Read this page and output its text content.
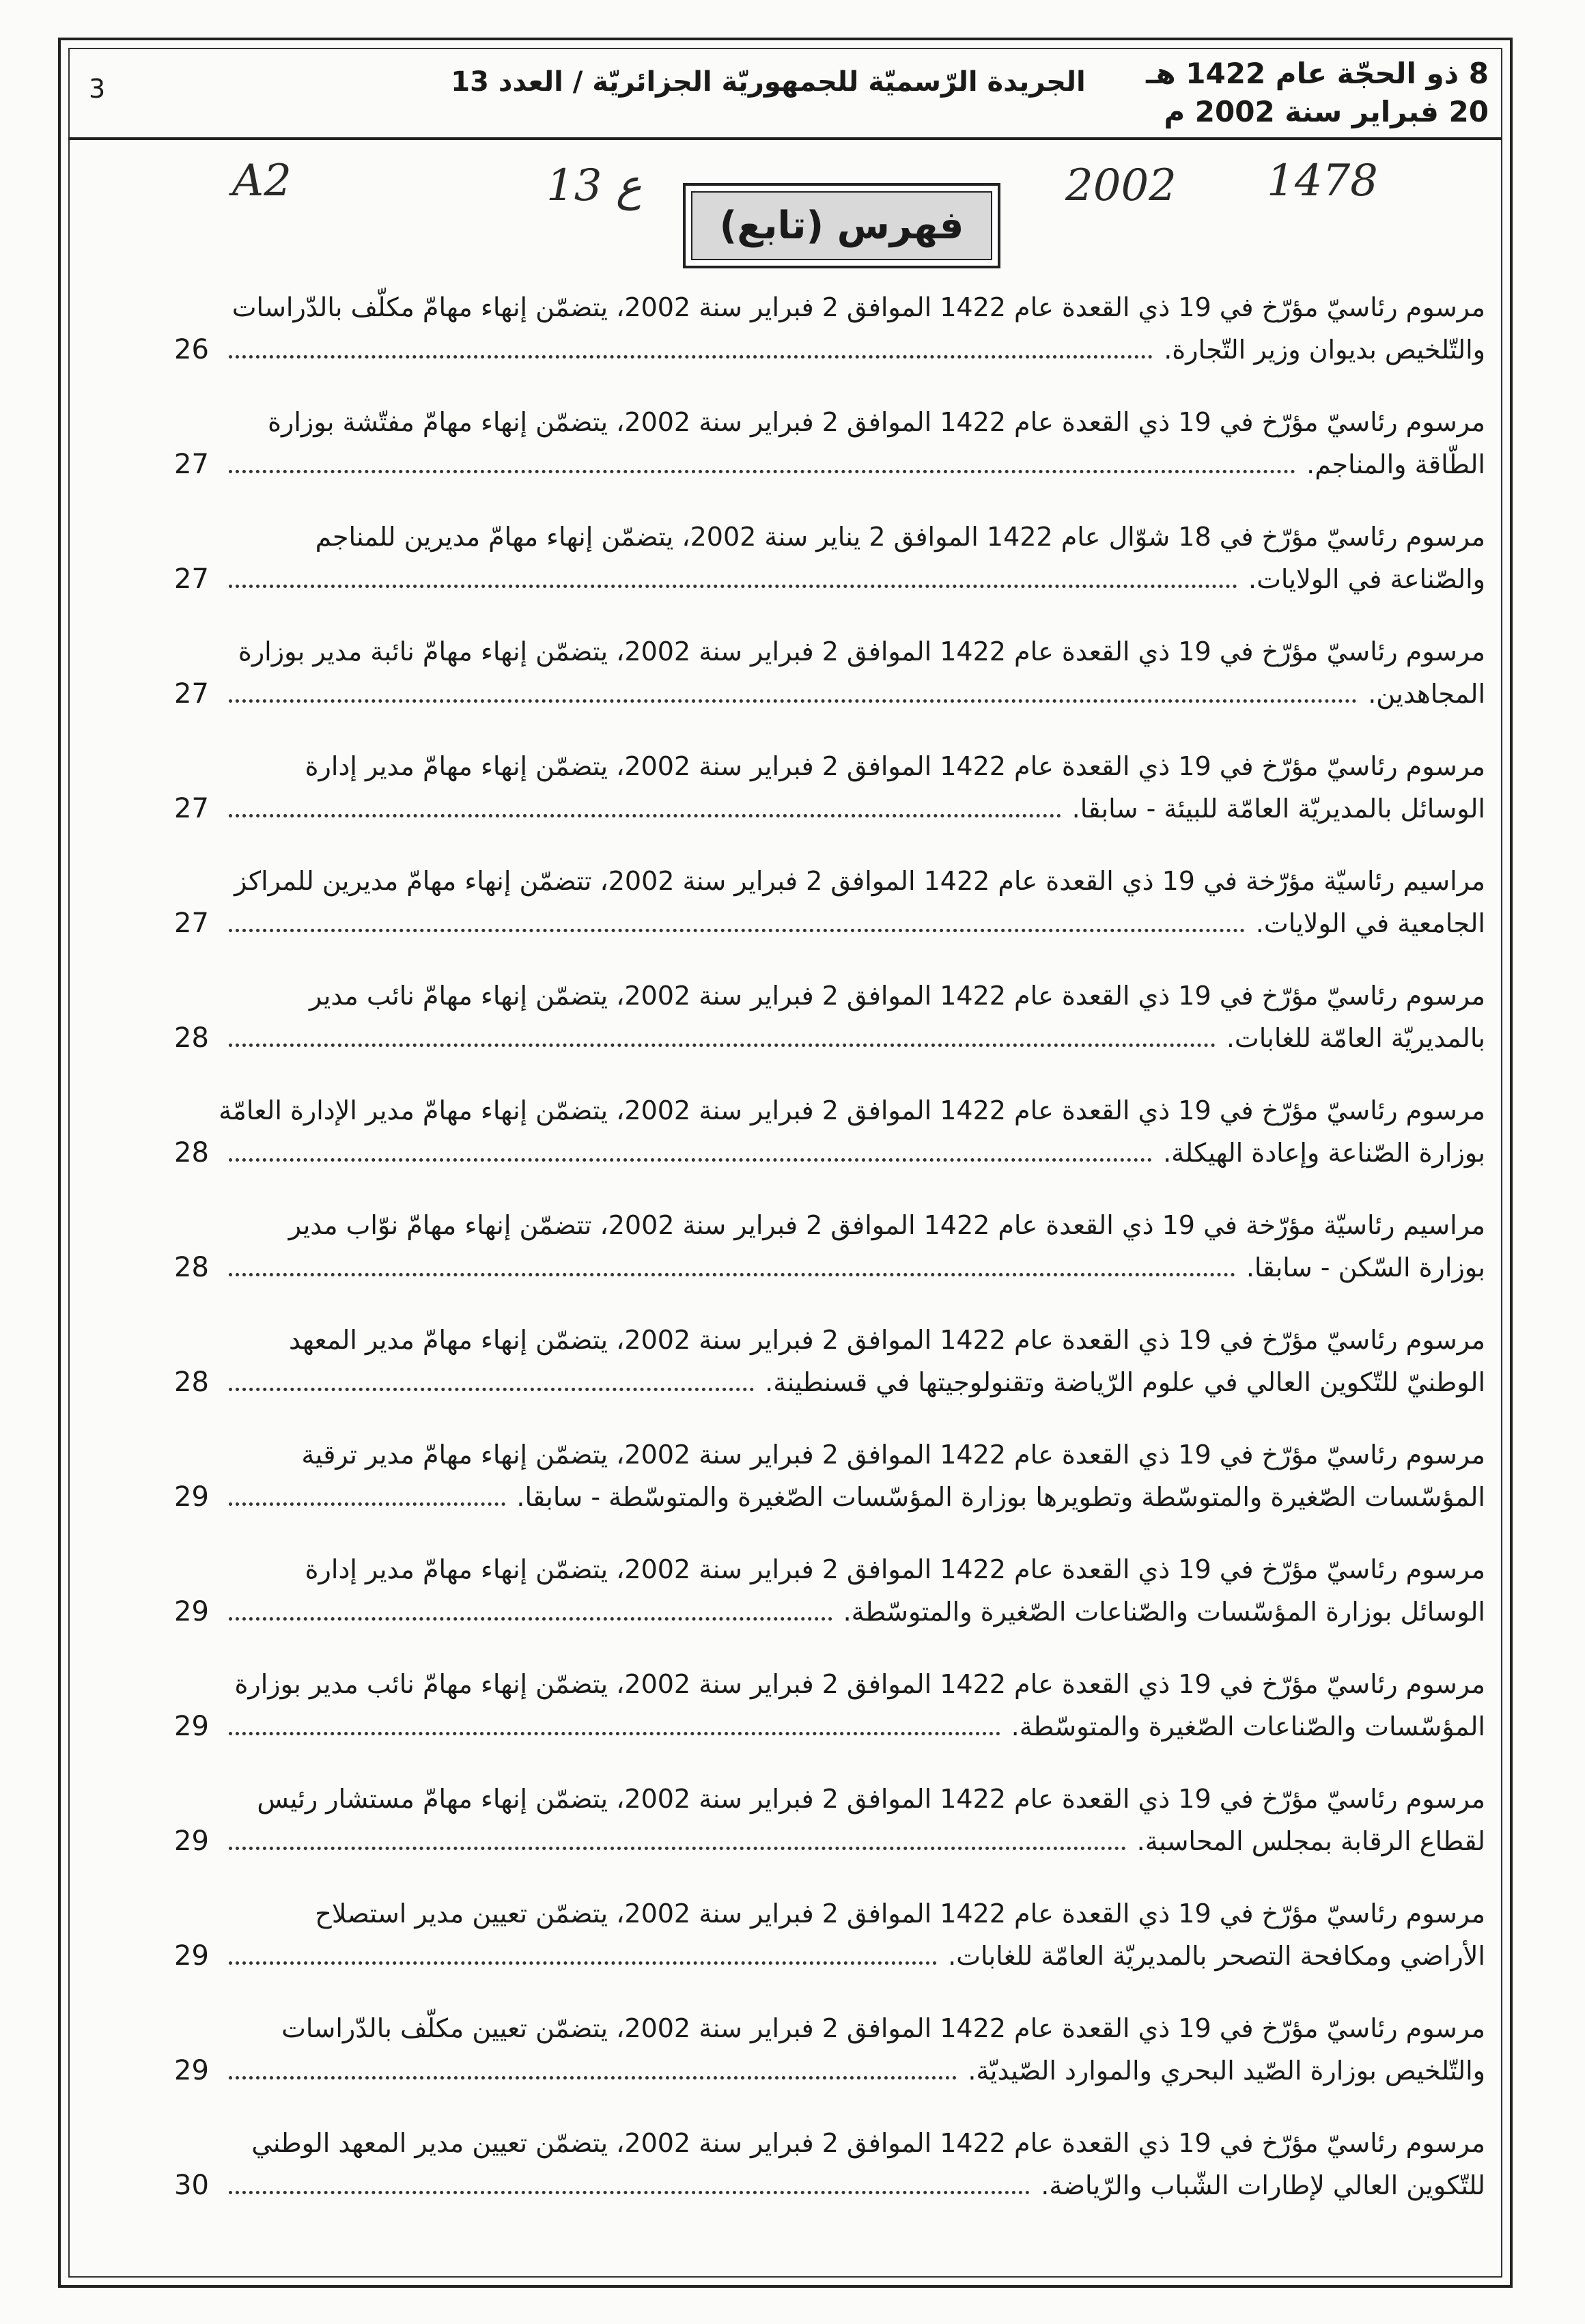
8 ذو الحجّة عام 1422 هـ
20 فبراير سنة 2002 م
الجريدة الرّسميّة للجمهوريّة الجزائريّة / العدد 13
3
A2	13 ع	2002 1478
فهرس (تابع)
مرسوم رئاسيّ مؤرّخ في 19 ذي القعدة عام 1422 الموافق 2 فبراير سنة 2002، يتضمّن إنهاء مهامّ مكلّف بالدّراسات
والتّلخيص بديوان وزير التّجارة.
26
مرسوم رئاسيّ مؤرّخ في 19 ذي القعدة عام 1422 الموافق 2 فبراير سنة 2002، يتضمّن إنهاء مهامّ مفتّشة بوزارة
الطّاقة والمناجم.
27
مرسوم رئاسيّ مؤرّخ في 18 شوّال عام 1422 الموافق 2 يناير سنة 2002، يتضمّن إنهاء مهامّ مديرين للمناجم
والصّناعة في الولايات.
27
مرسوم رئاسيّ مؤرّخ في 19 ذي القعدة عام 1422 الموافق 2 فبراير سنة 2002، يتضمّن إنهاء مهامّ نائبة مدير بوزارة
المجاهدين.
27
مرسوم رئاسيّ مؤرّخ في 19 ذي القعدة عام 1422 الموافق 2 فبراير سنة 2002، يتضمّن إنهاء مهامّ مدير إدارة
الوسائل بالمديريّة العامّة للبيئة - سابقا.
27
مراسيم رئاسيّة مؤرّخة في 19 ذي القعدة عام 1422 الموافق 2 فبراير سنة 2002، تتضمّن إنهاء مهامّ مديرين للمراكز
الجامعية في الولايات.
27
مرسوم رئاسيّ مؤرّخ في 19 ذي القعدة عام 1422 الموافق 2 فبراير سنة 2002، يتضمّن إنهاء مهامّ نائب مدير
بالمديريّة العامّة للغابات.
28
مرسوم رئاسيّ مؤرّخ في 19 ذي القعدة عام 1422 الموافق 2 فبراير سنة 2002، يتضمّن إنهاء مهامّ مدير الإدارة العامّة
بوزارة الصّناعة وإعادة الهيكلة.
28
مراسيم رئاسيّة مؤرّخة في 19 ذي القعدة عام 1422 الموافق 2 فبراير سنة 2002، تتضمّن إنهاء مهامّ نوّاب مدير
بوزارة السّكن - سابقا.
28
مرسوم رئاسيّ مؤرّخ في 19 ذي القعدة عام 1422 الموافق 2 فبراير سنة 2002، يتضمّن إنهاء مهامّ مدير المعهد
الوطنيّ للتّكوين العالي في علوم الرّياضة وتقنولوجيتها في قسنطينة.
28
مرسوم رئاسيّ مؤرّخ في 19 ذي القعدة عام 1422 الموافق 2 فبراير سنة 2002، يتضمّن إنهاء مهامّ مدير ترقية
المؤسّسات الصّغيرة والمتوسّطة وتطويرها بوزارة المؤسّسات الصّغيرة والمتوسّطة - سابقا.
29
مرسوم رئاسيّ مؤرّخ في 19 ذي القعدة عام 1422 الموافق 2 فبراير سنة 2002، يتضمّن إنهاء مهامّ مدير إدارة
الوسائل بوزارة المؤسّسات والصّناعات الصّغيرة والمتوسّطة.
29
مرسوم رئاسيّ مؤرّخ في 19 ذي القعدة عام 1422 الموافق 2 فبراير سنة 2002، يتضمّن إنهاء مهامّ نائب مدير بوزارة
المؤسّسات والصّناعات الصّغيرة والمتوسّطة.
29
مرسوم رئاسيّ مؤرّخ في 19 ذي القعدة عام 1422 الموافق 2 فبراير سنة 2002، يتضمّن إنهاء مهامّ مستشار رئيس
لقطاع الرقابة بمجلس المحاسبة.
29
مرسوم رئاسيّ مؤرّخ في 19 ذي القعدة عام 1422 الموافق 2 فبراير سنة 2002، يتضمّن تعيين مدير استصلاح
الأراضي ومكافحة التصحر بالمديريّة العامّة للغابات.
29
مرسوم رئاسيّ مؤرّخ في 19 ذي القعدة عام 1422 الموافق 2 فبراير سنة 2002، يتضمّن تعيين مكلّف بالدّراسات
والتّلخيص بوزارة الصّيد البحري والموارد الصّيديّة.
29
مرسوم رئاسيّ مؤرّخ في 19 ذي القعدة عام 1422 الموافق 2 فبراير سنة 2002، يتضمّن تعيين مدير المعهد الوطني
للتّكوين العالي لإطارات الشّباب والرّياضة.
30
